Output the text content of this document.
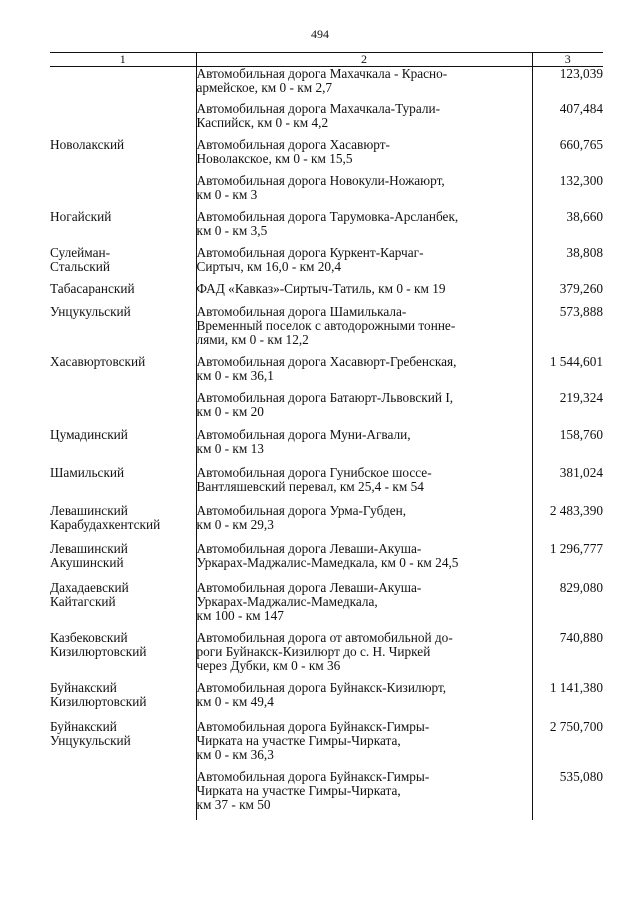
494
1	2	3

	Автомобильная дорога Махачкала - Красно-
армейское, км 0 - км 2,7	123,039

	Автомобильная дорога Махачкала-Турали-
Каспийск, км 0 - км 4,2	407,484

Новолакский	Автомобильная дорога Хасавюрт-
Новолакское, км 0 - км 15,5	660,765

	Автомобильная дорога Новокули-Ножаюрт,
км 0 - км 3	132,300

Ногайский	Автомобильная дорога Тарумовка-Арсланбек,
км 0 - км 3,5	38,660

Сулейман-
Стальский	Автомобильная дорога Куркент-Карчаг-
Сиртыч, км 16,0 - км 20,4	38,808

Табасаранский	ФАД «Кавказ»-Сиртыч-Татиль, км 0 - км 19	379,260

Унцукульский	Автомобильная дорога Шамилькала-
Временный поселок с автодорожными тонне-
лями, км 0 - км 12,2	573,888

Хасавюртовский	Автомобильная дорога Хасавюрт-Гребенская,
км 0 - км 36,1	1 544,601

	Автомобильная дорога Батаюрт-Львовский I,
км 0 - км 20	219,324

Цумадинский	Автомобильная дорога Муни-Агвали,
км 0 - км 13	158,760

Шамильский	Автомобильная дорога Гунибское шоссе-
Вантляшевский перевал, км 25,4 - км 54	381,024

Левашинский
Карабудахкентский	Автомобильная дорога Урма-Губден,
км 0 - км 29,3	2 483,390

Левашинский
Акушинский	Автомобильная дорога Леваши-Акуша-
Уркарах-Маджалис-Мамедкала, км 0 - км 24,5	1 296,777

Дахадаевский
Кайтагский	Автомобильная дорога Леваши-Акуша-
Уркарах-Маджалис-Мамедкала,
км 100 - км 147	829,080

Казбековский
Кизилюртовский	Автомобильная дорога от автомобильной до-
роги Буйнакск-Кизилюрт до с. Н. Чиркей
через Дубки, км 0 - км 36	740,880

Буйнакский
Кизилюртовский	Автомобильная дорога Буйнакск-Кизилюрт,
км 0 - км 49,4	1 141,380

Буйнакский
Унцукульский	Автомобильная дорога Буйнакск-Гимры-
Чирката на участке Гимры-Чирката,
км 0 - км 36,3	2 750,700

	Автомобильная дорога Буйнакск-Гимры-
Чирката на участке Гимры-Чирката,
км 37 - км 50	535,080
